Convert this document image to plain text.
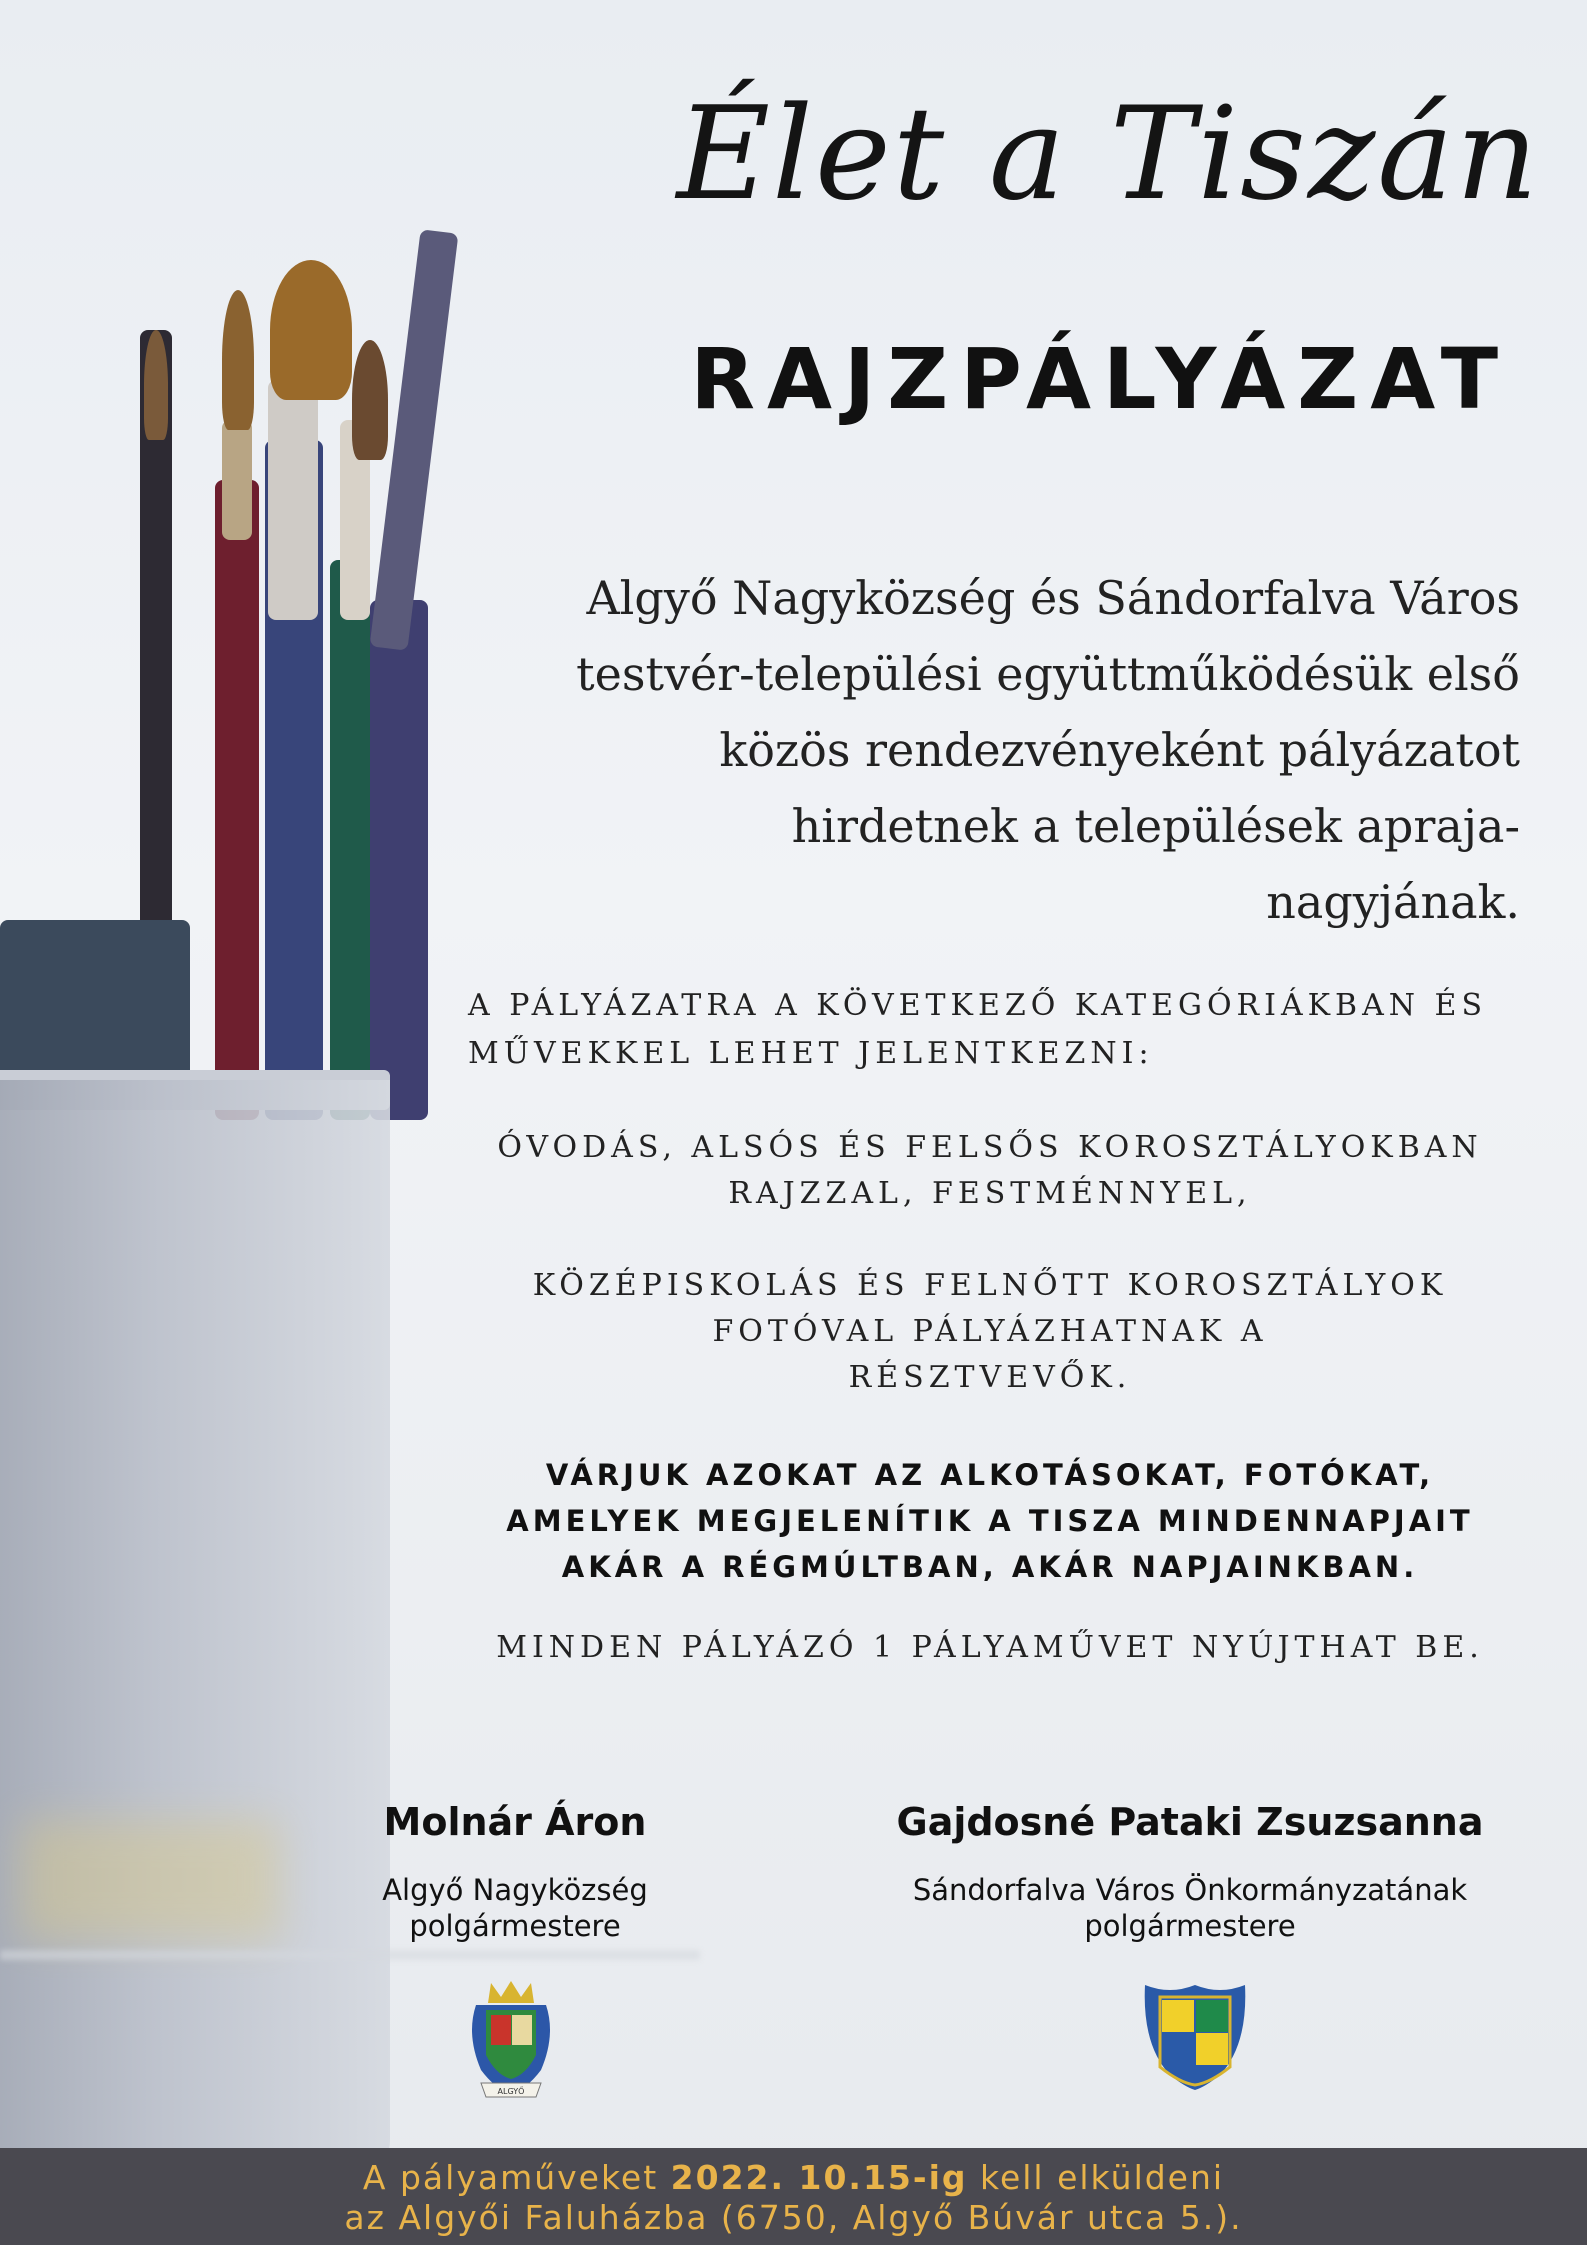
Élet a Tiszán
RAJZPÁLYÁZAT
Algyő Nagyközség és Sándorfalva Város
testvér-települési együttműködésük első
közös rendezvényeként pályázatot
hirdetnek a települések apraja-
nagyjának.
A PÁLYÁZATRA A KÖVETKEZŐ KATEGÓRIÁKBAN ÉS MŰVEKKEL LEHET JELENTKEZNI:
ÓVODÁS, ALSÓS ÉS FELSŐS KOROSZTÁLYOKBAN
RAJZZAL, FESTMÉNNYEL,
KÖZÉPISKOLÁS ÉS FELNŐTT KOROSZTÁLYOK
FOTÓVAL PÁLYÁZHATNAK A
RÉSZTVEVŐK.
VÁRJUK AZOKAT AZ ALKOTÁSOKAT, FOTÓKAT,
AMELYEK MEGJELENÍTIK A TISZA MINDENNAPJAIT
AKÁR A RÉGMÚLTBAN, AKÁR NAPJAINKBAN.
MINDEN PÁLYÁZÓ 1 PÁLYAMŰVET NYÚJTHAT BE.
Molnár Áron
Algyő Nagyközség
polgármestere
Gajdosné Pataki Zsuzsanna
Sándorfalva Város Önkormányzatának
polgármestere
ALGYŐ
A pályaműveket 2022. 10.15-ig kell elküldeni
az Algyői Faluházba (6750, Algyő Búvár utca 5.).
